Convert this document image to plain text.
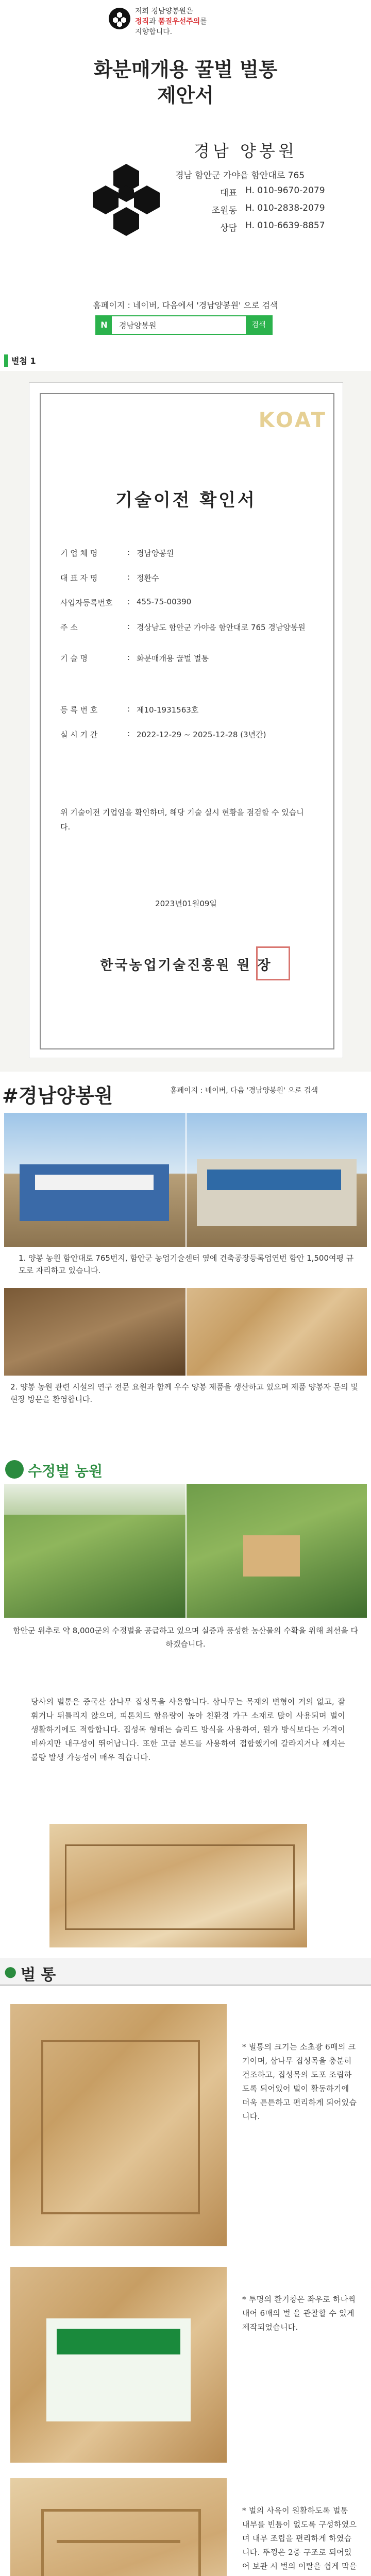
저희 경남양봉원은
정직과 품질우선주의를
지향합니다.
화분매개용 꿀벌 벌통
제안서
경남 양봉원
경남 함안군 가야읍 함안대로 765
대표 H. 010-9670-2079
조원동 H. 010-2838-2079
상담 H. 010-6639-8857
홈페이지 : 네이버, 다음에서 '경남양봉원' 으로 검색
N	경남양봉원	검색
별첨 1
KOAT
기술이전 확인서
기 업 체 명	: 경남양봉원
대 표 자 명	: 정환수
사업자등록번호 : 455-75-00390
주 소	: 경상남도 함안군 가야읍 함안대로 765 경남양봉원
기 술 명	: 화분매개용 꿀벌 벌통
등 록 번 호	: 제10-1931563호
실 시 기 간	: 2022-12-29 ~ 2025-12-28 (3년간)
위 기술이전 기업임을 확인하며, 해당 기술 실시 현황을 점검할 수 있습니다.
2023년01월09일
한국농업기술진흥원 원 장
#경남양봉원	홈페이지 : 네이버, 다음 '경남양봉원' 으로 검색
1. 양봉 농원 함안대로 765번지, 함안군 농업기술센터 옆에 건축공장등록업연번 함안 1,500여평 규모로 자리하고 있습니다.
2. 양봉 농원 관련 시설의 연구 전문 요원과 함께 우수 양봉 제품을 생산하고 있으며 제품 양봉자 문의 및 현장 방문을 환영합니다.
수정벌 농원
함안군 위추로 약 8,000군의 수정벌을 공급하고 있으며 실증과 풍성한 농산물의 수확을 위해 최선을 다하겠습니다.
당사의 벌통은 중국산 삼나무 집성목을 사용합니다. 삼나무는 목재의 변형이 거의 없고, 잘 휘거나 뒤틀리지 않으며, 피톤치드 항유량이 높아 친환경 가구 소재로 많이 사용되며 벌이 생활하기에도 적합합니다. 집성목 형태는 슬리드 방식을 사용하여, 원가 방식보다는 가격이 비싸지만 내구성이 뛰어납니다. 또한 고급 본드를 사용하여 접합했기에 갈라지거나 깨지는 불량 발생 가능성이 매우 적습니다.
● 벌 통
* 벌통의 크기는 소초광 6매의 크기이며, 삼나무 집성목을 충분히 건조하고, 집성목의 도포 조립하도록 되어있어 벌이 활동하기에 더욱 튼튼하고 편리하게 되어있습니다.
* 투명의 환기창은 좌우로 하나씩 내어 6매의 벌 을 관찰할 수 있게 제작되었습니다.
* 벌의 사육이 원활하도록 벌통 내부를 빈틈이 없도록 구성하였으며 내부 조립을 편리하게 하였습니다. 뚜껑은 2중 구조로 되어있어 보관 시 벌의 이탈을 쉽게 막을
